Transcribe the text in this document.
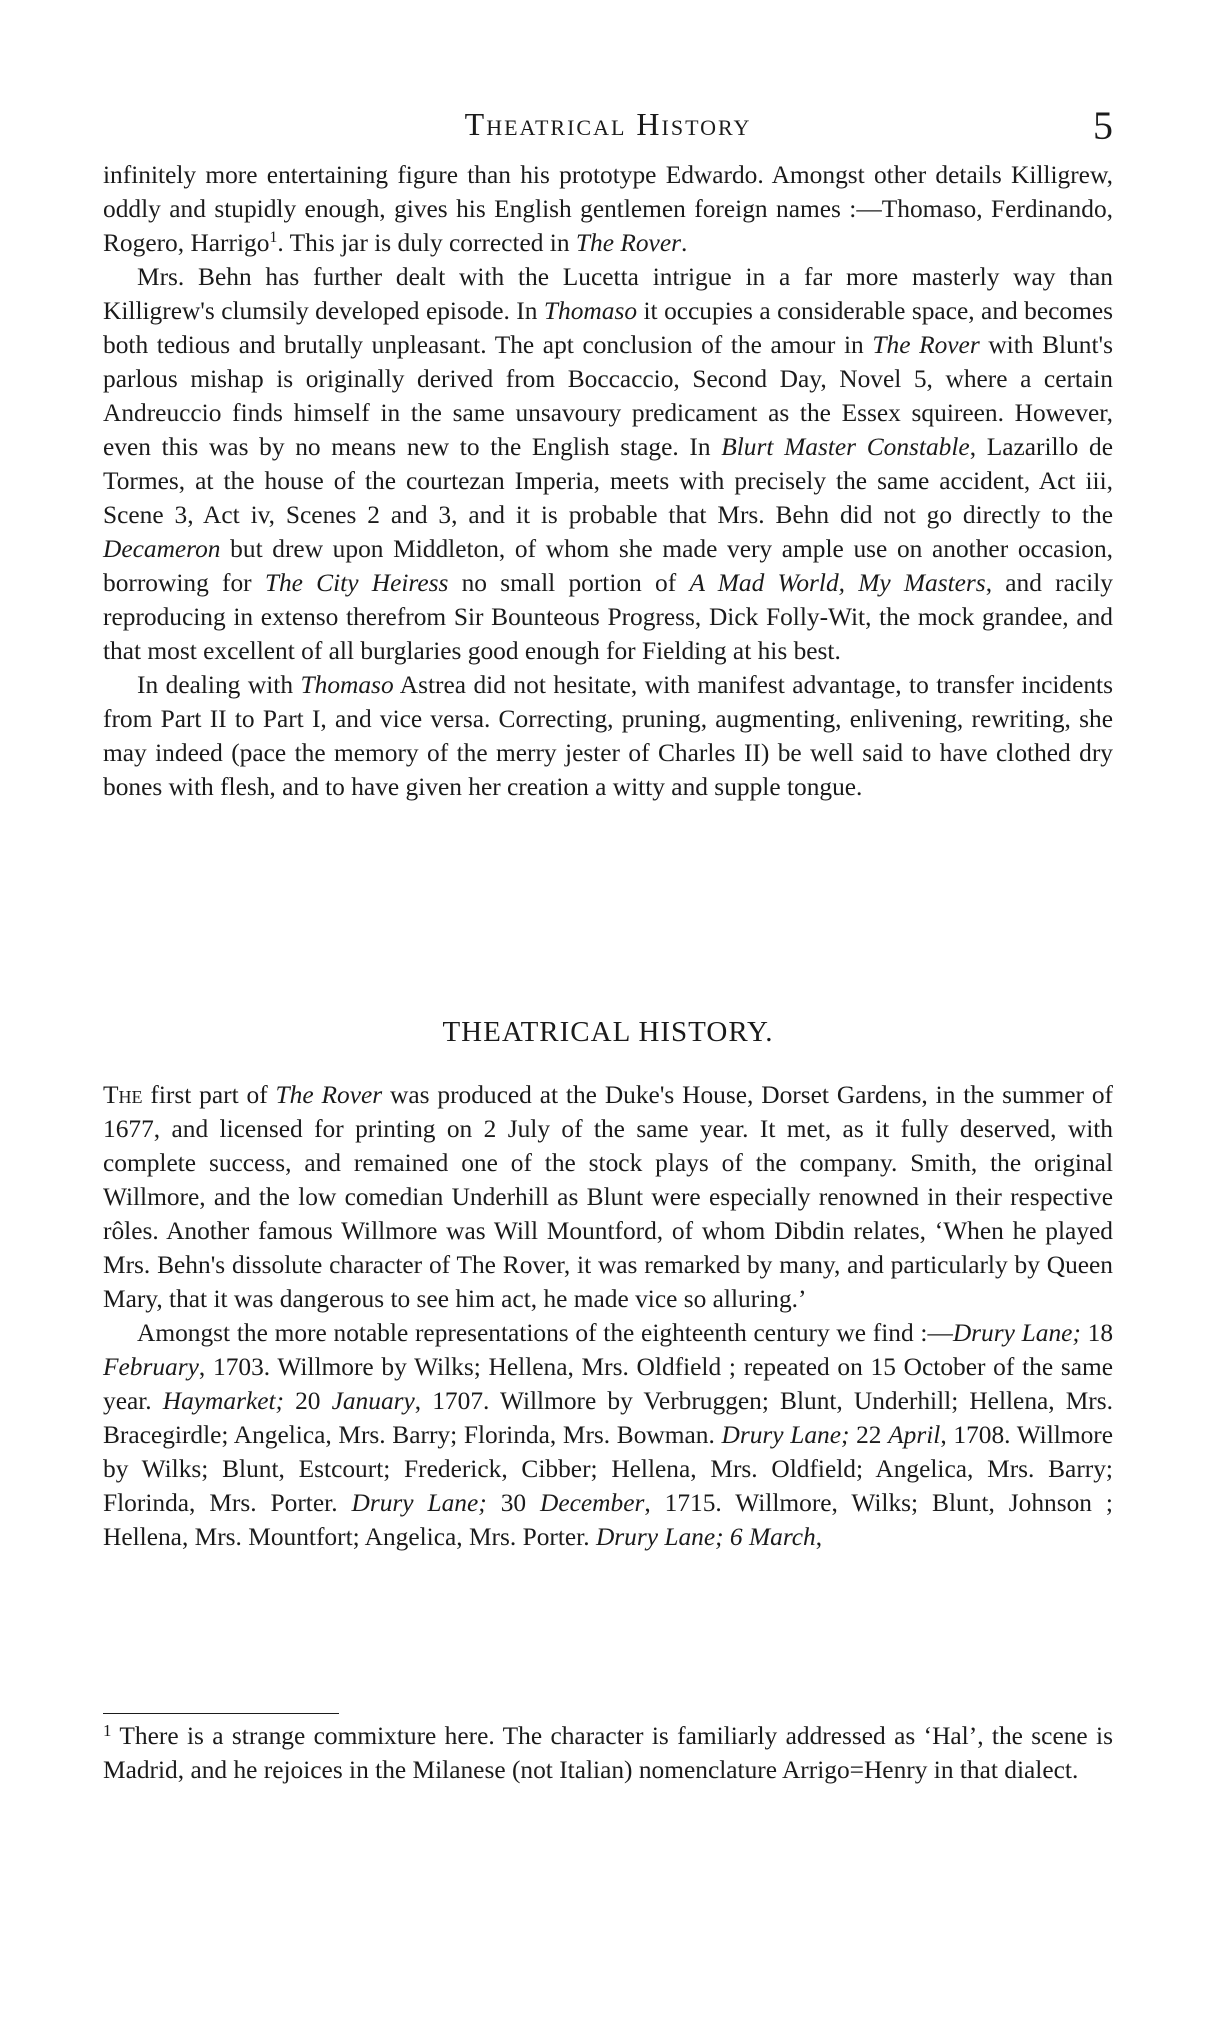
Theatrical History	5

infinitely more entertaining figure than his prototype Edwardo. Amongst other details Killigrew, oddly and stupidly enough, gives his English gentlemen foreign names :—Thomaso, Ferdinando, Rogero, Harrigo$^1$. This jar is duly corrected in The Rover.

Mrs. Behn has further dealt with the Lucetta intrigue in a far more masterly way than Killigrew's clumsily developed episode. In Thomaso it occupies a considerable space, and becomes both tedious and brutally unpleasant. The apt conclusion of the amour in The Rover with Blunt's parlous mishap is originally derived from Boccaccio, Second Day, Novel 5, where a certain Andreuccio finds himself in the same unsavoury predicament as the Essex squireen. However, even this was by no means new to the English stage. In Blurt Master Constable, Lazarillo de Tormes, at the house of the courtezan Imperia, meets with precisely the same accident, Act iii, Scene 3, Act iv, Scenes 2 and 3, and it is probable that Mrs. Behn did not go directly to the Decameron but drew upon Middleton, of whom she made very ample use on another occasion, borrowing for The City Heiress no small portion of A Mad World, My Masters, and racily reproducing in extenso therefrom Sir Bounteous Progress, Dick Folly-Wit, the mock grandee, and that most excellent of all burglaries good enough for Fielding at his best.

In dealing with Thomaso Astrea did not hesitate, with manifest advantage, to transfer incidents from Part II to Part I, and vice versa. Correcting, pruning, augmenting, enlivening, rewriting, she may indeed (pace the memory of the merry jester of Charles II) be well said to have clothed dry bones with flesh, and to have given her creation a witty and supple tongue.

THEATRICAL HISTORY.

The first part of The Rover was produced at the Duke's House, Dorset Gardens, in the summer of 1677, and licensed for printing on 2 July of the same year. It met, as it fully deserved, with complete success, and remained one of the stock plays of the company. Smith, the original Willmore, and the low comedian Underhill as Blunt were especially renowned in their respective rôles. Another famous Willmore was Will Mountford, of whom Dibdin relates, ‘When he played Mrs. Behn's dissolute character of The Rover, it was remarked by many, and particularly by Queen Mary, that it was dangerous to see him act, he made vice so alluring.’

Amongst the more notable representations of the eighteenth century we find :—Drury Lane; 18 February, 1703. Willmore by Wilks; Hellena, Mrs. Oldfield ; repeated on 15 October of the same year. Haymarket; 20 January, 1707. Willmore by Verbruggen; Blunt, Underhill; Hellena, Mrs. Bracegirdle; Angelica, Mrs. Barry; Florinda, Mrs. Bowman. Drury Lane; 22 April, 1708. Willmore by Wilks; Blunt, Estcourt; Frederick, Cibber; Hellena, Mrs. Oldfield; Angelica, Mrs. Barry; Florinda, Mrs. Porter. Drury Lane; 30 December, 1715. Willmore, Wilks; Blunt, Johnson ; Hellena, Mrs. Mountfort; Angelica, Mrs. Porter. Drury Lane; 6 March,

$^1$ There is a strange commixture here. The character is familiarly addressed as ‘Hal’, the scene is Madrid, and he rejoices in the Milanese (not Italian) nomenclature Arrigo=Henry in that dialect.
